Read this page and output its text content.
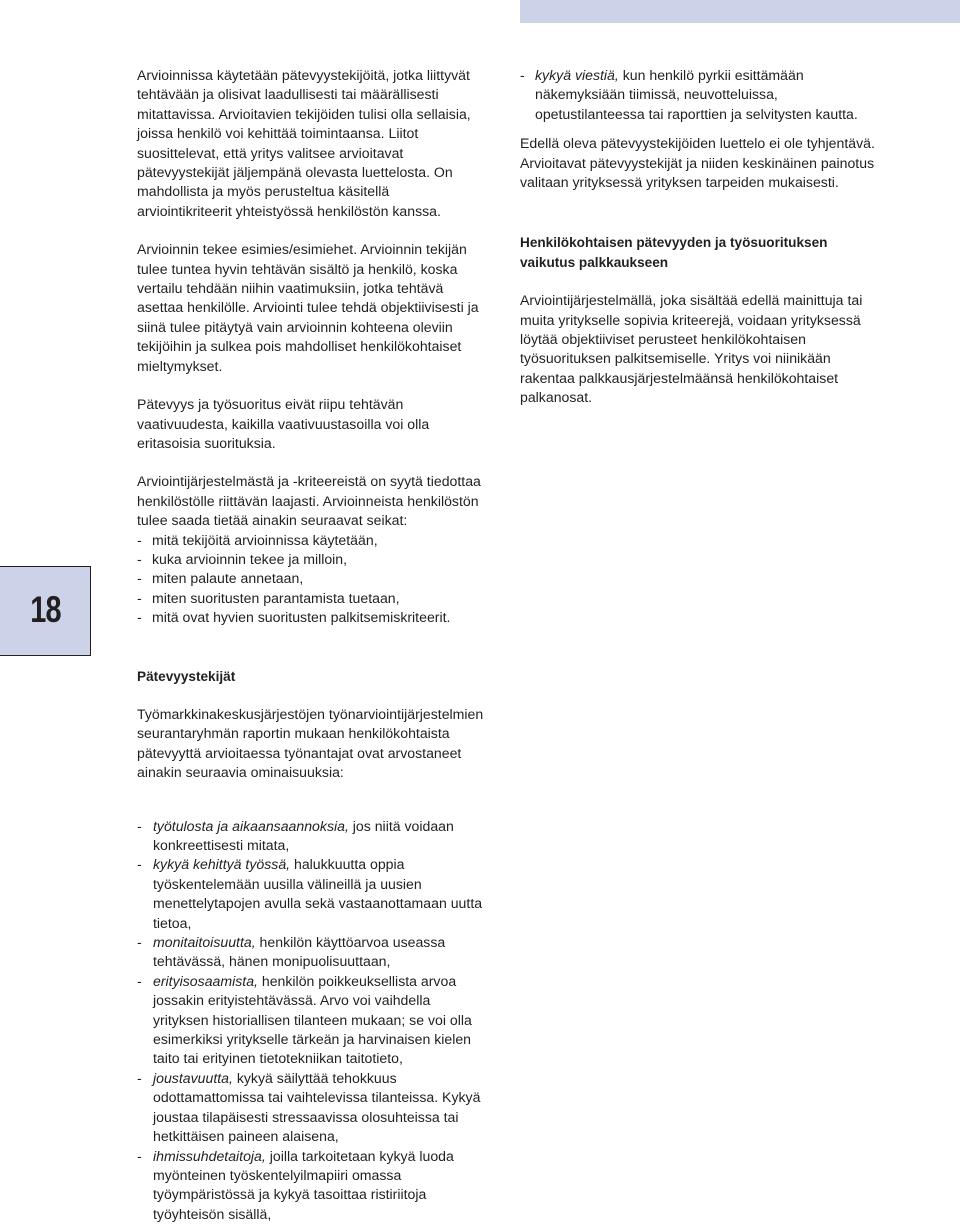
18

Arvioinnissa käytetään pätevyystekijöitä, jotka liittyvät tehtävään ja olisivat laadullisesti tai määrällisesti mitattavissa. Arvioitavien tekijöiden tulisi olla sellaisia, joissa henkilö voi kehittää toimintaansa. Liitot suosittelevat, että yritys valitsee arvioitavat pätevyystekijät jäljempänä olevasta luettelosta. On mahdollista ja myös perusteltua käsitellä arviointikriteerit yhteistyössä henkilöstön kanssa.

Arvioinnin tekee esimies/esimiehet. Arvioinnin tekijän tulee tuntea hyvin tehtävän sisältö ja henkilö, koska vertailu tehdään niihin vaatimuksiin, jotka tehtävä asettaa henkilölle. Arviointi tulee tehdä objektiivisesti ja siinä tulee pitäytyä vain arvioinnin kohteena oleviin tekijöihin ja sulkea pois mahdolliset henkilökohtaiset mieltymykset.

Pätevyys ja työsuoritus eivät riipu tehtävän vaativuudesta, kaikilla vaativuustasoilla voi olla eritasoisia suorituksia.

Arviointijärjestelmästä ja -kriteereistä on syytä tiedottaa henkilöstölle riittävän laajasti. Arvioinneista henkilöstön tulee saada tietää ainakin seuraavat seikat:

- mitä tekijöitä arvioinnissa käytetään,
- kuka arvioinnin tekee ja milloin,
- miten palaute annetaan,
- miten suoritusten parantamista tuetaan,
- mitä ovat hyvien suoritusten palkitsemiskriteerit.

Pätevyystekijät

Työmarkkinakeskusjärjestöjen työnarviointijärjestelmien seurantaryhmän raportin mukaan henkilökohtaista pätevyyttä arvioitaessa työnantajat ovat arvostaneet ainakin seuraavia ominaisuuksia:

- työtulosta ja aikaansaannoksia, jos niitä voidaan konkreettisesti mitata,
- kykyä kehittyä työssä, halukkuutta oppia työskentelemään uusilla välineillä ja uusien menettelytapojen avulla sekä vastaanottamaan uutta tietoa,
- monitaitoisuutta, henkilön käyttöarvoa useassa tehtävässä, hänen monipuolisuuttaan,
- erityisosaamista, henkilön poikkeuksellista arvoa jossakin erityistehtävässä. Arvo voi vaihdella yrityksen historiallisen tilanteen mukaan; se voi olla esimerkiksi yritykselle tärkeän ja harvinaisen kielen taito tai erityinen tietotekniikan taitotieto,
- joustavuutta, kykyä säilyttää tehokkuus odottamattomissa tai vaihtelevissa tilanteissa. Kykyä joustaa tilapäisesti stressaavissa olosuhteissa tai hetkittäisen paineen alaisena,
- ihmissuhdetaitoja, joilla tarkoitetaan kykyä luoda myönteinen työskentelyilmapiiri omassa työympäristössä ja kykyä tasoittaa ristiriitoja työyhteisön sisällä,
- kykyä viestiä, kun henkilö pyrkii esittämään näkemyksiään tiimissä, neuvotteluissa, opetustilanteessa tai raporttien ja selvitysten kautta.

Edellä oleva pätevyystekijöiden luettelo ei ole tyhjentävä. Arvioitavat pätevyystekijät ja niiden keskinäinen painotus valitaan yrityksessä yrityksen tarpeiden mukaisesti.

Henkilökohtaisen pätevyyden ja työsuorituksen vaikutus palkkaukseen

Arviointijärjestelmällä, joka sisältää edellä mainittuja tai muita yritykselle sopivia kriteerejä, voidaan yrityksessä löytää objektiiviset perusteet henkilökohtaisen työsuorituksen palkitsemiselle. Yritys voi niinikään rakentaa palkkausjärjestelmäänsä henkilökohtaiset palkanosat.
